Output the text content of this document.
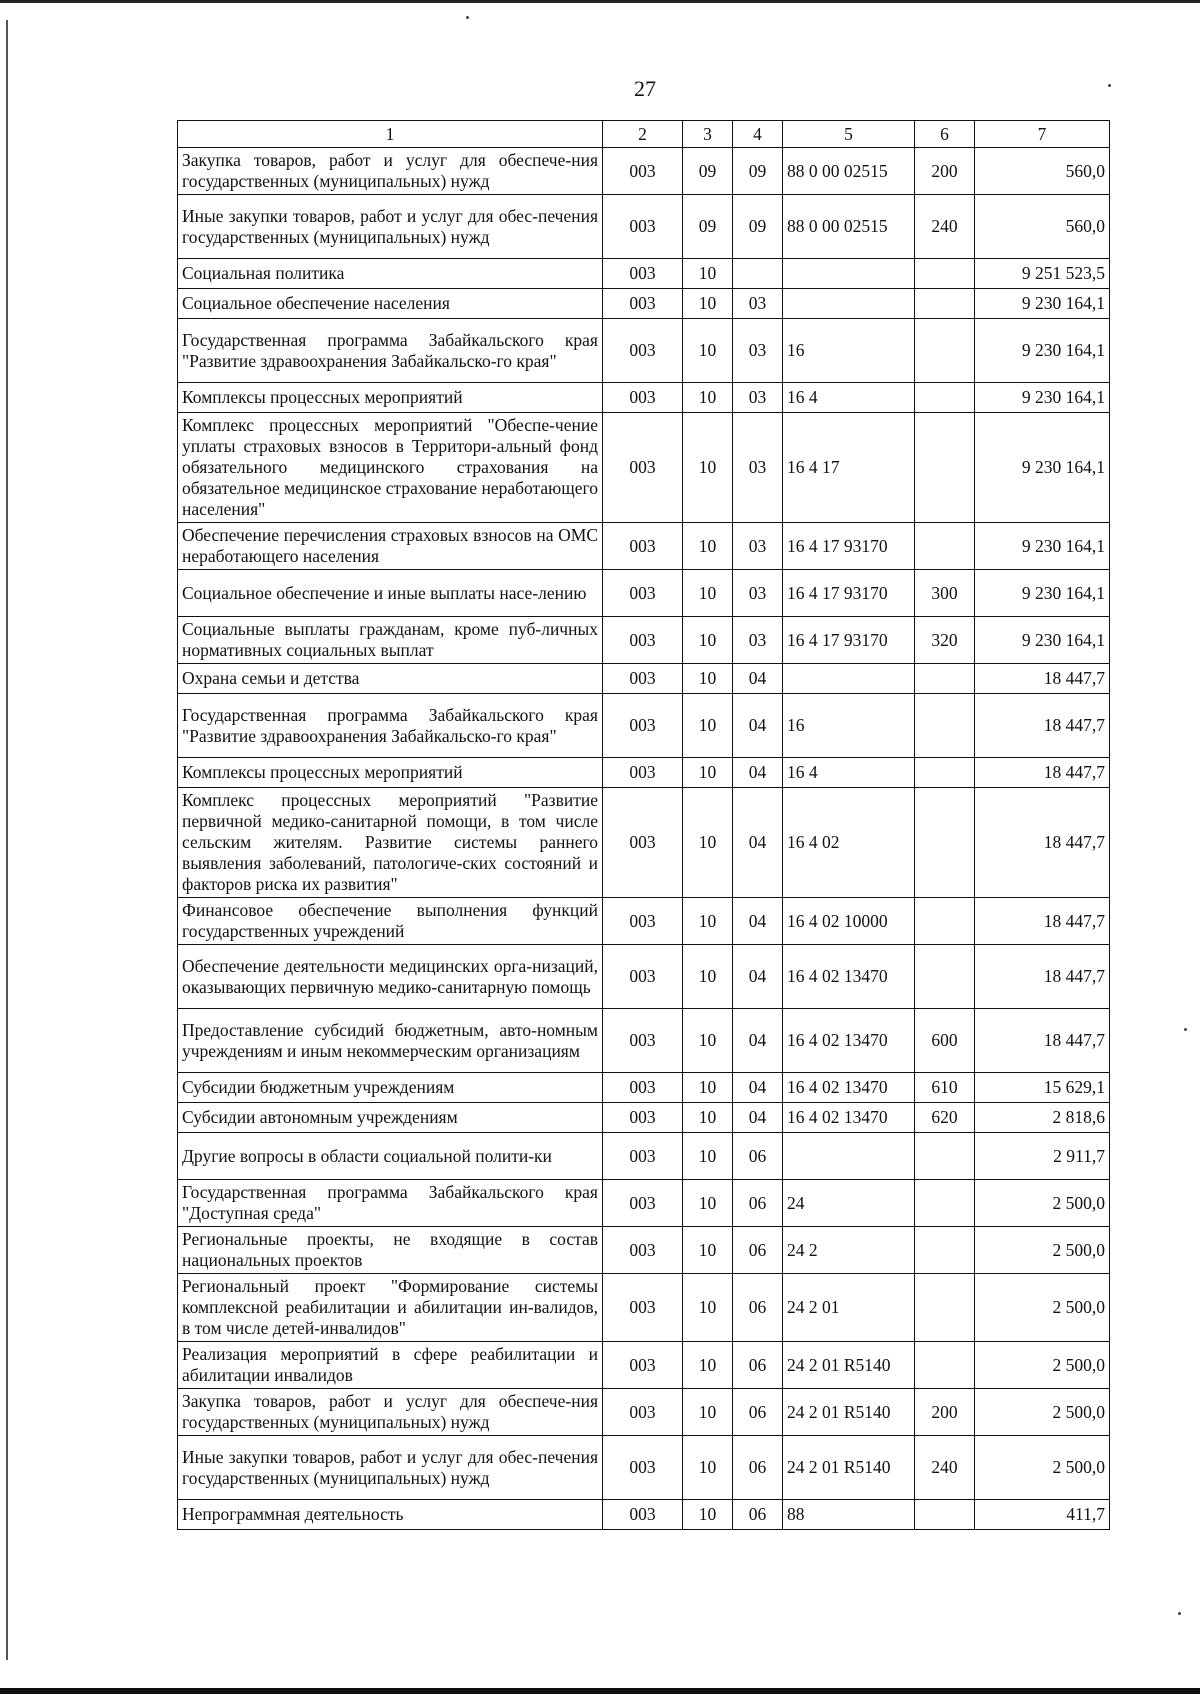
27
1	2	3	4	5	6	7
Закупка товаров, работ и услуг для обеспече-ния государственных (муниципальных) нужд	003	09	09	88 0 00 02515	200	560,0
Иные закупки товаров, работ и услуг для обес-печения государственных (муниципальных) нужд	003	09	09	88 0 00 02515	240	560,0
Социальная политика	003	10				9 251 523,5
Социальное обеспечение населения	003	10	03			9 230 164,1
Государственная программа Забайкальского края "Развитие здравоохранения Забайкальско-го края"	003	10	03	16		9 230 164,1
Комплексы процессных мероприятий	003	10	03	16 4		9 230 164,1
Комплекс процессных мероприятий "Обеспе-чение уплаты страховых взносов в Территори-альный фонд обязательного медицинского страхования на обязательное медицинское страхование неработающего населения"	003	10	03	16 4 17		9 230 164,1
Обеспечение перечисления страховых взносов на ОМС неработающего населения	003	10	03	16 4 17 93170		9 230 164,1
Социальное обеспечение и иные выплаты насе-лению	003	10	03	16 4 17 93170	300	9 230 164,1
Социальные выплаты гражданам, кроме пуб-личных нормативных социальных выплат	003	10	03	16 4 17 93170	320	9 230 164,1
Охрана семьи и детства	003	10	04			18 447,7
Государственная программа Забайкальского края "Развитие здравоохранения Забайкальско-го края"	003	10	04	16		18 447,7
Комплексы процессных мероприятий	003	10	04	16 4		18 447,7
Комплекс процессных мероприятий "Развитие первичной медико-санитарной помощи, в том числе сельским жителям. Развитие системы раннего выявления заболеваний, патологиче-ских состояний и факторов риска их развития"	003	10	04	16 4 02		18 447,7
Финансовое обеспечение выполнения функций государственных учреждений	003	10	04	16 4 02 10000		18 447,7
Обеспечение деятельности медицинских орга-низаций, оказывающих первичную медико-санитарную помощь	003	10	04	16 4 02 13470		18 447,7
Предоставление субсидий бюджетным, авто-номным учреждениям и иным некоммерческим организациям	003	10	04	16 4 02 13470	600	18 447,7
Субсидии бюджетным учреждениям	003	10	04	16 4 02 13470	610	15 629,1
Субсидии автономным учреждениям	003	10	04	16 4 02 13470	620	2 818,6
Другие вопросы в области социальной полити-ки	003	10	06			2 911,7
Государственная программа Забайкальского края "Доступная среда"	003	10	06	24		2 500,0
Региональные проекты, не входящие в состав национальных проектов	003	10	06	24 2		2 500,0
Региональный проект "Формирование системы комплексной реабилитации и абилитации ин-валидов, в том числе детей-инвалидов"	003	10	06	24 2 01		2 500,0
Реализация мероприятий в сфере реабилитации и абилитации инвалидов	003	10	06	24 2 01 R5140		2 500,0
Закупка товаров, работ и услуг для обеспече-ния государственных (муниципальных) нужд	003	10	06	24 2 01 R5140	200	2 500,0
Иные закупки товаров, работ и услуг для обес-печения государственных (муниципальных) нужд	003	10	06	24 2 01 R5140	240	2 500,0
Непрограммная деятельность	003	10	06	88		411,7
